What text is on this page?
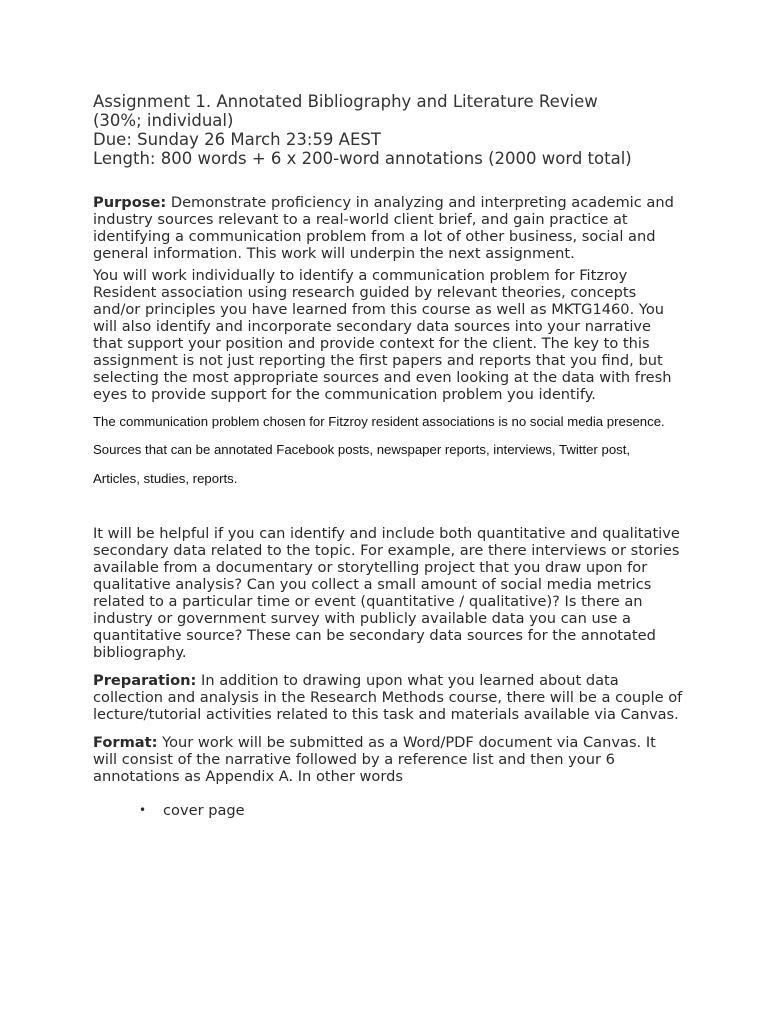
Assignment 1. Annotated Bibliography and Literature Review
(30%; individual)
Due: Sunday 26 March 23:59 AEST
Length: 800 words + 6 x 200-word annotations (2000 word total)

Purpose: Demonstrate proficiency in analyzing and interpreting academic and industry sources relevant to a real-world client brief, and gain practice at identifying a communication problem from a lot of other business, social and general information. This work will underpin the next assignment.

You will work individually to identify a communication problem for Fitzroy Resident association using research guided by relevant theories, concepts and/or principles you have learned from this course as well as MKTG1460. You will also identify and incorporate secondary data sources into your narrative that support your position and provide context for the client. The key to this assignment is not just reporting the first papers and reports that you find, but selecting the most appropriate sources and even looking at the data with fresh eyes to provide support for the communication problem you identify.

The communication problem chosen for Fitzroy resident associations is no social media presence.

Sources that can be annotated Facebook posts, newspaper reports, interviews, Twitter post,

Articles, studies, reports.

It will be helpful if you can identify and include both quantitative and qualitative secondary data related to the topic. For example, are there interviews or stories available from a documentary or storytelling project that you draw upon for qualitative analysis? Can you collect a small amount of social media metrics related to a particular time or event (quantitative / qualitative)? Is there an industry or government survey with publicly available data you can use a quantitative source? These can be secondary data sources for the annotated bibliography.

Preparation: In addition to drawing upon what you learned about data collection and analysis in the Research Methods course, there will be a couple of lecture/tutorial activities related to this task and materials available via Canvas.

Format: Your work will be submitted as a Word/PDF document via Canvas. It will consist of the narrative followed by a reference list and then your 6 annotations as Appendix A. In other words

• cover page
